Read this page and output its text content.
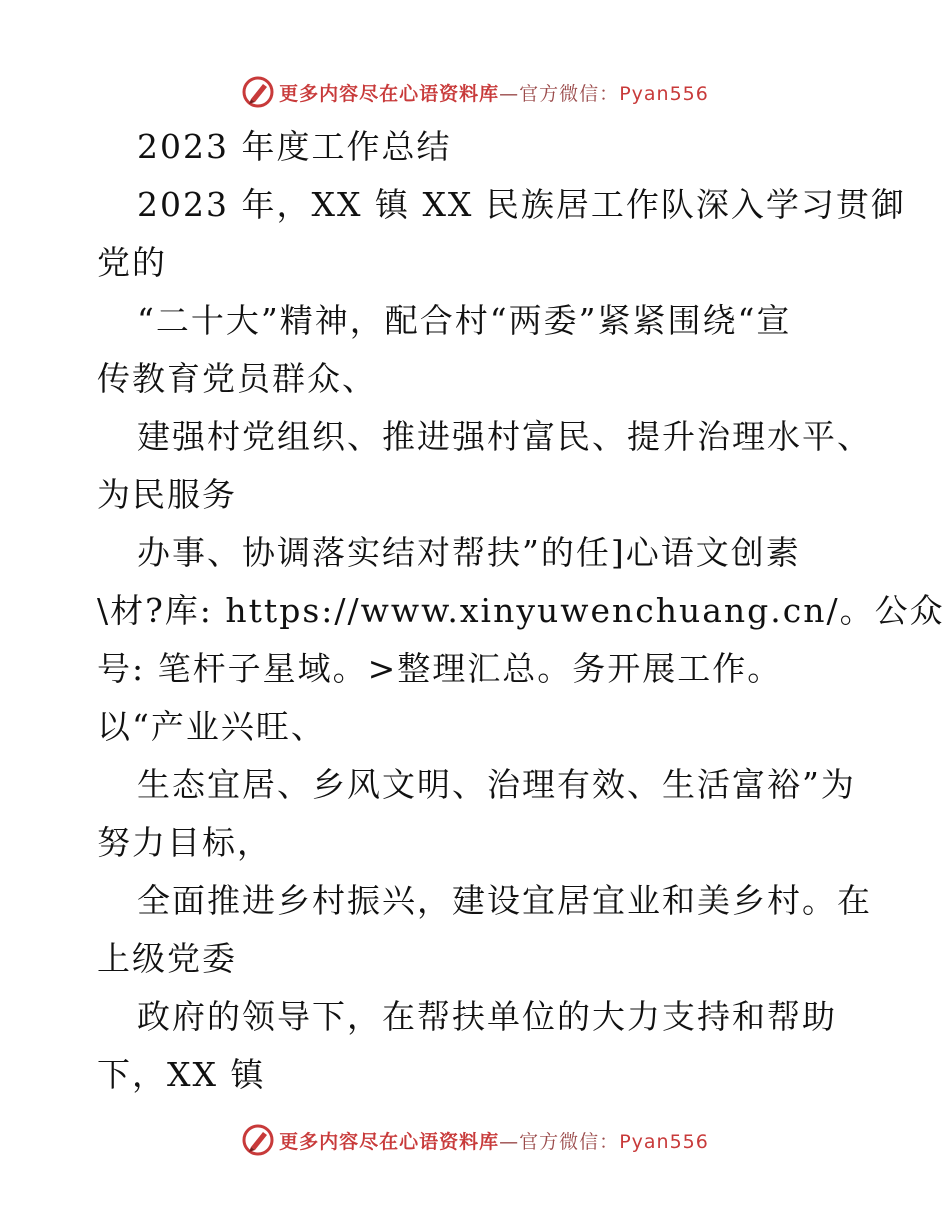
更多内容尽在心语资料库—官方微信：Pyan556
2023 年度工作总结
2023 年，XX 镇 XX 民族居工作队深入学习贯御
党的
“二十大”精神，配合村“两委”紧紧围绕“宣
传教育党员群众、
建强村党组织、推进强村富民、提升治理水平、
为民服务
办事、协调落实结对帮扶”的任]心语文创素
\材?库: https://www.xinyuwenchuang.cn/。公众
号: 笔杆子星域。>整理汇总。务开展工作。
以“产业兴旺、
生态宜居、乡风文明、治理有效、生活富裕”为
努力目标，
全面推进乡村振兴，建设宜居宜业和美乡村。在
上级党委
政府的领导下，在帮扶单位的大力支持和帮助
下，XX 镇
更多内容尽在心语资料库—官方微信：Pyan556
